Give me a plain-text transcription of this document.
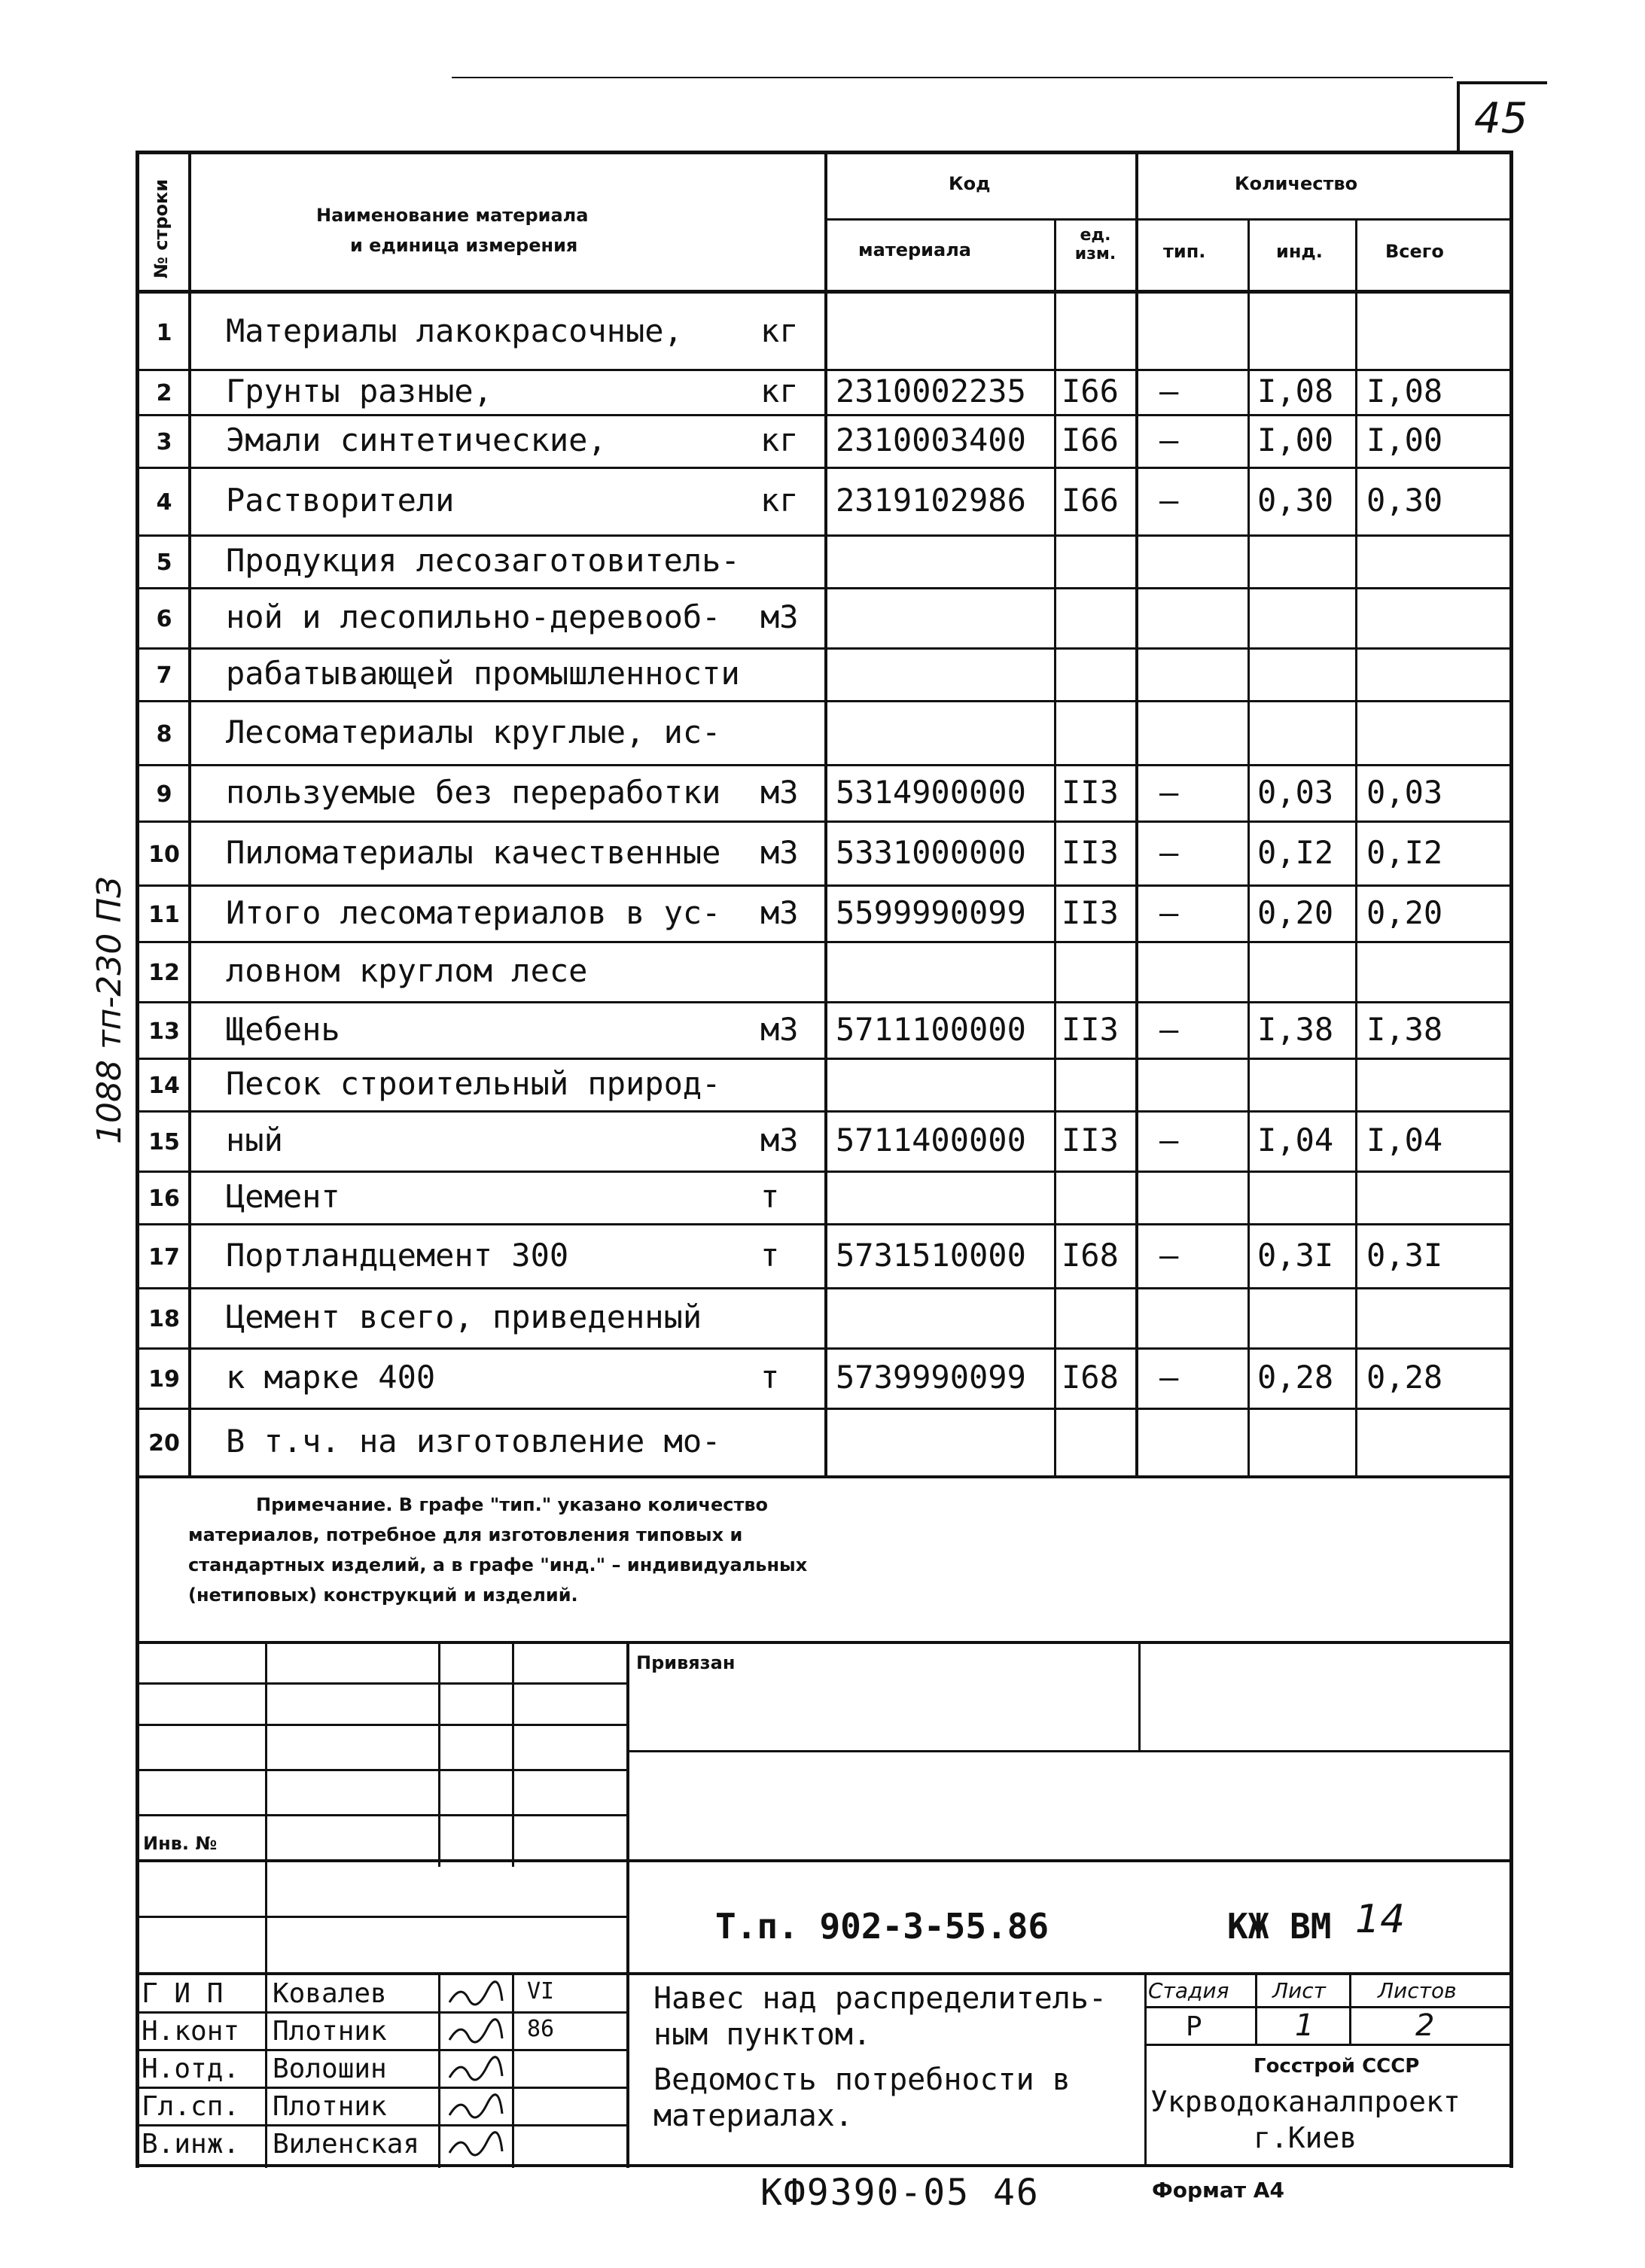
45
1088 тп-230 ПЗ
№ строки	Наименование материала
и единица измерения
Код
материала
ед. изм.
Количество
тип.	инд.	Всего
1	Материалы лакокрасочные, кг
2	Грунты разные,	кг 2310002235 I66 – I,08 I,08
3	Эмали синтетические,	кг 2310003400 I66 – I,00 I,00
4	Растворители	кг 2319102986 I66 – 0,30 0,30
5	Продукция лесозаготовитель-
6	ной и лесопильно-деревооб- м3
7	рабатывающей промышленности
8	Лесоматериалы круглые, ис-
9	пользуемые без переработки м3 5314900000 II3 – 0,03 0,03
10 Пиломатериалы качественные м3 5331000000 II3 – 0,I2 0,I2
11 Итого лесоматериалов в ус- м3 5599990099 II3 – 0,20 0,20
12 ловном круглом лесе
13 Щебень	м3 5711100000 II3 – I,38 I,38
14 Песок строительный природ-
15 ный	м3 5711400000 II3 – I,04 I,04
16 Цемент	т
17 Портландцемент 300	т 5731510000 I68 – 0,3I 0,3I
18 Цемент всего, приведенный
19 к марке 400	т 5739990099 I68 – 0,28 0,28
20 В т.ч. на изготовление мо-
Примечание. В графе "тип." указано количество
материалов, потребное для изготовления типовых и
стандартных изделий, а в графе "инд." – индивидуальных
(нетиповых) конструкций и изделий.
Привязан
Инв. №
Т.п. 902-3-55.86	КЖ ВМ 14
Г И П Ковалев	VI
Н.конт Плотник	86
Н.отд. Волошин
Гл.сп. Плотник
В.инж. Виленская
Навес над распределитель-
ным пунктом.
Ведомость потребности в
материалах.
Стадия Лист Листов
Р	1	2
Госстрой СССР
Укрводоканалпроект
г.Киев
КФ9390-05 46	Формат А4
